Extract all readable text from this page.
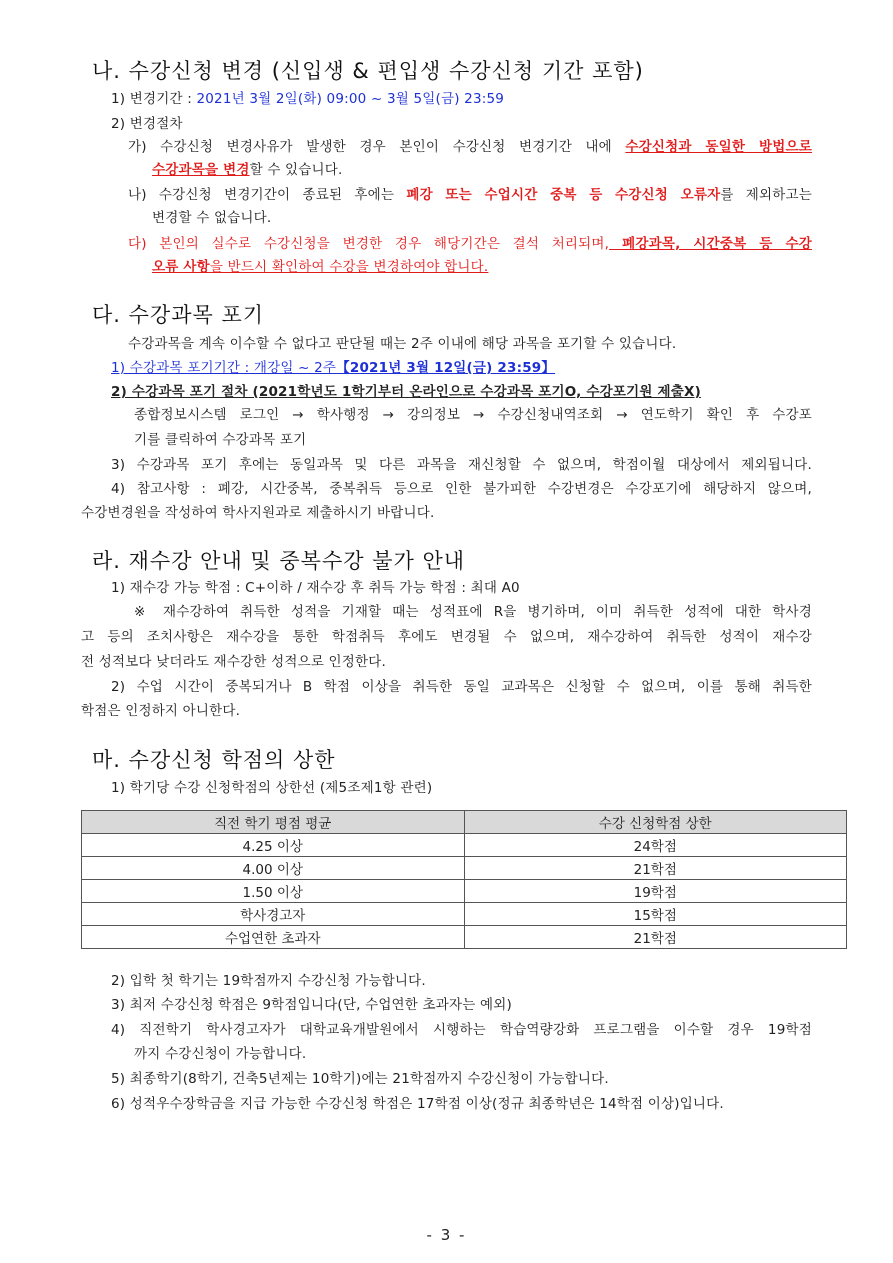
나. 수강신청 변경 (신입생 & 편입생 수강신청 기간 포함)
1) 변경기간 : 2021년 3월 2일(화) 09:00 ~ 3월 5일(금) 23:59
2) 변경절차
가) 수강신청 변경사유가 발생한 경우 본인이 수강신청 변경기간 내에 수강신청과 동일한 방법으로
수강과목을 변경할 수 있습니다.
나) 수강신청 변경기간이 종료된 후에는 폐강 또는 수업시간 중복 등 수강신청 오류자를 제외하고는
변경할 수 없습니다.
다) 본인의 실수로 수강신청을 변경한 경우 해당기간은 결석 처리되며, 폐강과목, 시간중복 등 수강
오류 사항을 반드시 확인하여 수강을 변경하여야 합니다.
다. 수강과목 포기
수강과목을 계속 이수할 수 없다고 판단될 때는 2주 이내에 해당 과목을 포기할 수 있습니다.
1) 수강과목 포기기간 : 개강일 ~ 2주【2021년 3월 12일(금) 23:59】
2) 수강과목 포기 절차 (2021학년도 1학기부터 온라인으로 수강과목 포기O, 수강포기원 제출X)
종합정보시스템 로그인 → 학사행정 → 강의정보 → 수강신청내역조회 → 연도학기 확인 후 수강포
기를 클릭하여 수강과목 포기
3) 수강과목 포기 후에는 동일과목 및 다른 과목을 재신청할 수 없으며, 학점이월 대상에서 제외됩니다.
4) 참고사항 : 폐강, 시간중복, 중복취득 등으로 인한 불가피한 수강변경은 수강포기에 해당하지 않으며,
수강변경원을 작성하여 학사지원과로 제출하시기 바랍니다.
라. 재수강 안내 및 중복수강 불가 안내
1) 재수강 가능 학점 : C+이하 / 재수강 후 취득 가능 학점 : 최대 A0
※ 재수강하여 취득한 성적을 기재할 때는 성적표에 R을 병기하며, 이미 취득한 성적에 대한 학사경
고 등의 조치사항은 재수강을 통한 학점취득 후에도 변경될 수 없으며, 재수강하여 취득한 성적이 재수강
전 성적보다 낮더라도 재수강한 성적으로 인정한다.
2) 수업 시간이 중복되거나 B 학점 이상을 취득한 동일 교과목은 신청할 수 없으며, 이를 통해 취득한
학점은 인정하지 아니한다.
마. 수강신청 학점의 상한
1) 학기당 수강 신청학점의 상한선 (제5조제1항 관련)
직전 학기 평점 평균	수강 신청학점 상한
4.25 이상	24학점
4.00 이상	21학점
1.50 이상	19학점
학사경고자	15학점
수업연한 초과자	21학점
2) 입학 첫 학기는 19학점까지 수강신청 가능합니다.
3) 최저 수강신청 학점은 9학점입니다(단, 수업연한 초과자는 예외)
4) 직전학기 학사경고자가 대학교육개발원에서 시행하는 학습역량강화 프로그램을 이수할 경우 19학점
까지 수강신청이 가능합니다.
5) 최종학기(8학기, 건축5년제는 10학기)에는 21학점까지 수강신청이 가능합니다.
6) 성적우수장학금을 지급 가능한 수강신청 학점은 17학점 이상(정규 최종학년은 14학점 이상)입니다.
- 3 -
